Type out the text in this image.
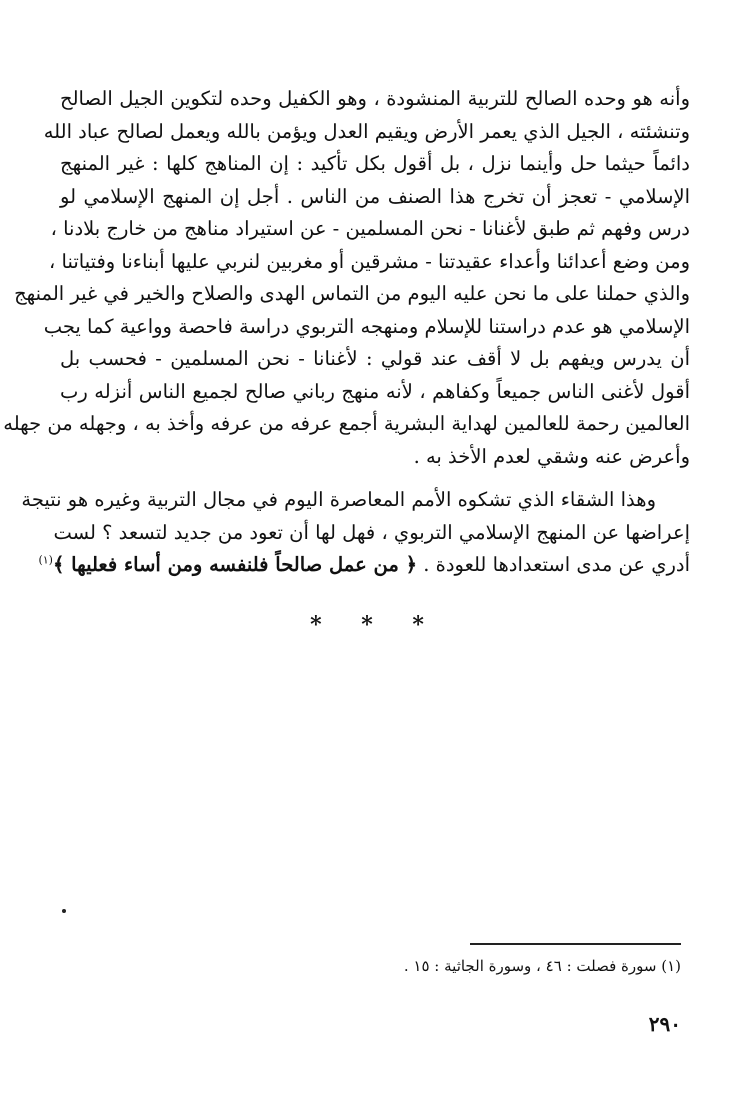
وأنه هو وحده الصالح للتربية المنشودة ، وهو الكفيل وحده لتكوين الجيل الصالح
وتنشئته ، الجيل الذي يعمر الأرض ويقيم العدل ويؤمن بالله ويعمل لصالح عباد الله
دائماً حيثما حل وأينما نزل ، بل أقول بكل تأكيد : إن المناهج كلها : غير المنهج
الإسلامي - تعجز أن تخرج هذا الصنف من الناس . أجل إن المنهج الإسلامي لو
درس وفهم ثم طبق لأغنانا - نحن المسلمين - عن استيراد مناهج من خارج بلادنا ،
ومن وضع أعدائنا وأعداء عقيدتنا - مشرقين أو مغربين لنربي عليها أبناءنا وفتياتنا ،
والذي حملنا على ما نحن عليه اليوم من التماس الهدى والصلاح والخير في غير المنهج
الإسلامي هو عدم دراستنا للإسلام ومنهجه التربوي دراسة فاحصة وواعية كما يجب
أن يدرس ويفهم بل لا أقف عند قولي : لأغنانا - نحن المسلمين - فحسب بل
أقول لأغنى الناس جميعاً وكفاهم ، لأنه منهج رباني صالح لجميع الناس أنزله رب
العالمين رحمة للعالمين لهداية البشرية أجمع عرفه من عرفه وأخذ به ، وجهله من جهله
وأعرض عنه وشقي لعدم الأخذ به .

وهذا الشقاء الذي تشكوه الأمم المعاصرة اليوم في مجال التربية وغيره هو نتيجة
إعراضها عن المنهج الإسلامي التربوي ، فهل لها أن تعود من جديد لتسعد ؟ لست
أدري عن مدى استعدادها للعودة . ﴿ من عمل صالحاً فلنفسه ومن أساء فعليها ﴾$^{(١)}$

* * *
(١) سورة فصلت : ٤٦ ، وسورة الجاثية : ١٥ .
٢٩٠
